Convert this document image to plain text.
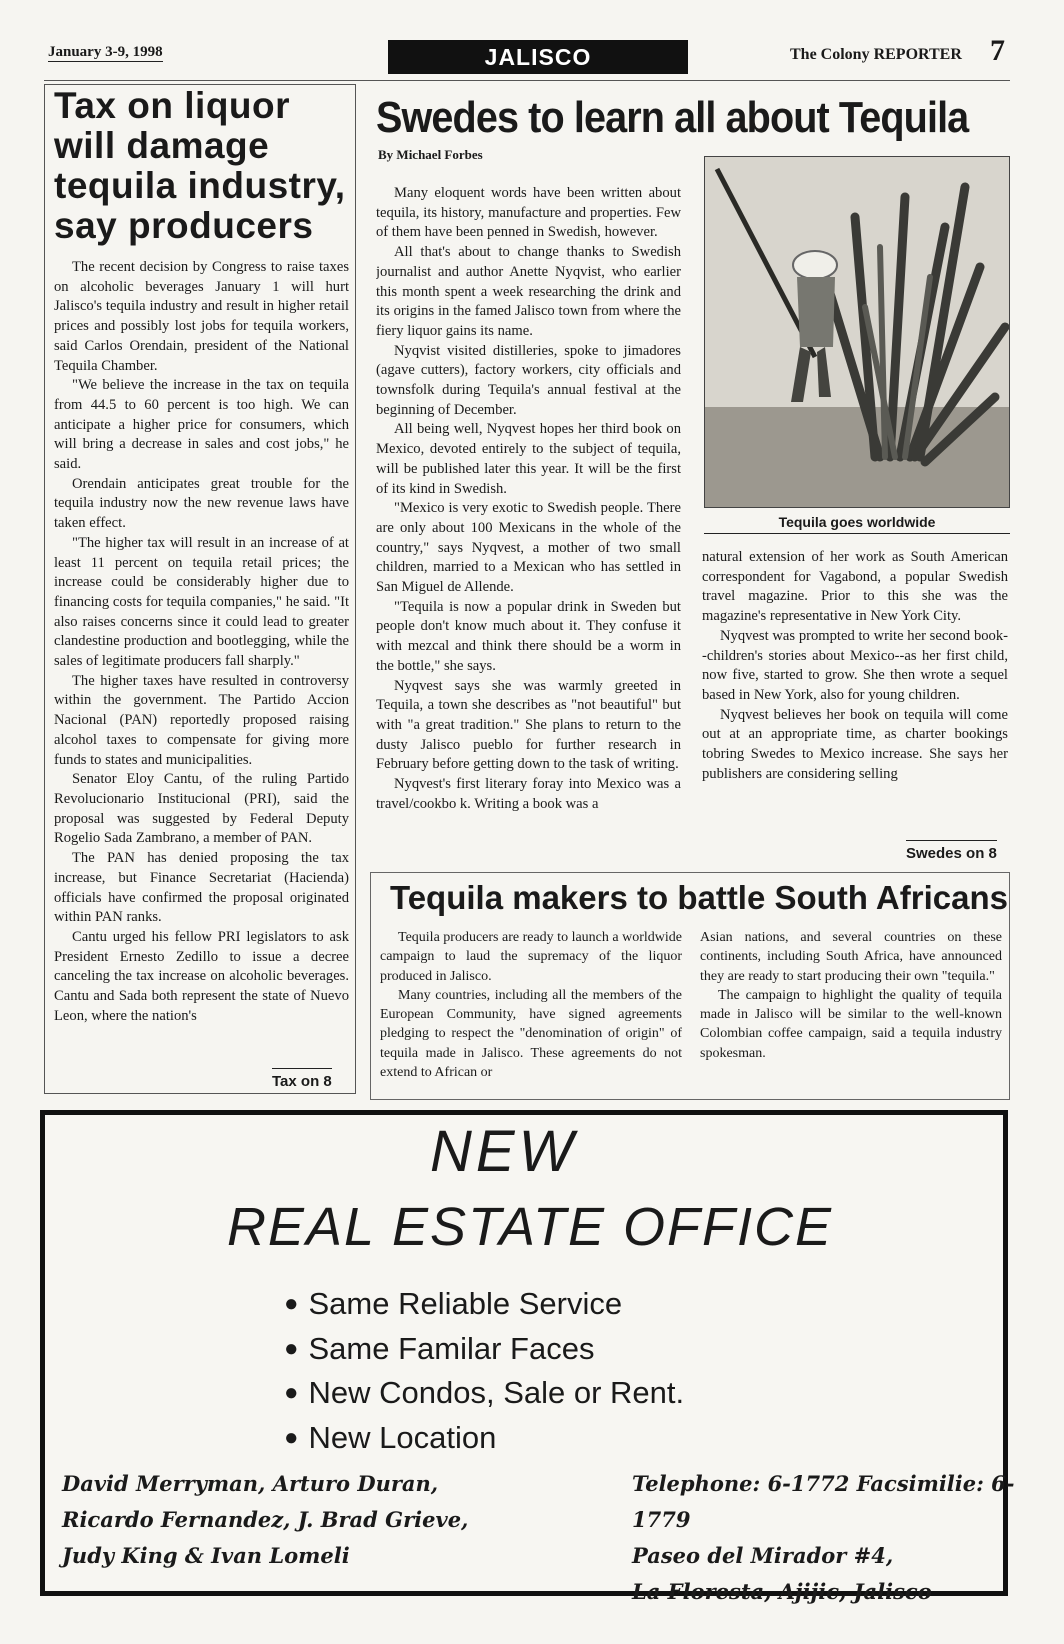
January 3-9, 1998	JALISCO	The Colony REPORTER 7
Tax on liquor will damage tequila industry, say producers

The recent decision by Congress to raise taxes on alcoholic beverages January 1 will hurt Jalisco's tequila industry and result in higher retail prices and possibly lost jobs for tequila workers, said Carlos Orendain, president of the National Tequila Chamber.

"We believe the increase in the tax on tequila from 44.5 to 60 percent is too high. We can anticipate a higher price for consumers, which will bring a decrease in sales and cost jobs," he said.

Orendain anticipates great trouble for the tequila industry now the new revenue laws have taken effect.

"The higher tax will result in an increase of at least 11 percent on tequila retail prices; the increase could be considerably higher due to financing costs for tequila companies," he said. "It also raises concerns since it could lead to greater clandestine production and bootlegging, while the sales of legitimate producers fall sharply."

The higher taxes have resulted in controversy within the government. The Partido Accion Nacional (PAN) reportedly proposed raising alcohol taxes to compensate for giving more funds to states and municipalities.

Senator Eloy Cantu, of the ruling Partido Revolucionario Institucional (PRI), said the proposal was suggested by Federal Deputy Rogelio Sada Zambrano, a member of PAN.

The PAN has denied proposing the tax increase, but Finance Secretariat (Hacienda) officials have confirmed the proposal originated within PAN ranks.

Cantu urged his fellow PRI legislators to ask President Ernesto Zedillo to issue a decree canceling the tax increase on alcoholic beverages. Cantu and Sada both represent the state of Nuevo Leon, where the nation's

Tax on 8
Swedes to learn all about Tequila
By Michael Forbes

Many eloquent words have been written about tequila, its history, manufacture and properties. Few of them have been penned in Swedish, however.

All that's about to change thanks to Swedish journalist and author Anette Nyqvist, who earlier this month spent a week researching the drink and its origins in the famed Jalisco town from where the fiery liquor gains its name.

Nyqvist visited distilleries, spoke to jimadores (agave cutters), factory workers, city officials and townsfolk during Tequila's annual festival at the beginning of December.

All being well, Nyqvest hopes her third book on Mexico, devoted entirely to the subject of tequila, will be published later this year. It will be the first of its kind in Swedish.

"Mexico is very exotic to Swedish people. There are only about 100 Mexicans in the whole of the country," says Nyqvest, a mother of two small children, married to a Mexican who has settled in San Miguel de Allende.

"Tequila is now a popular drink in Sweden but people don't know much about it. They confuse it with mezcal and think there should be a worm in the bottle," she says.

Nyqvest says she was warmly greeted in Tequila, a town she describes as "not beautiful" but with "a great tradition." She plans to return to the dusty Jalisco pueblo for further research in February before getting down to the task of writing.

Nyqvest's first literary foray into Mexico was a travel/cookbo k. Writing a book was a

Tequila goes worldwide

natural extension of her work as South American correspondent for Vagabond, a popular Swedish travel magazine. Prior to this she was the magazine's representative in New York City.

Nyqvest was prompted to write her second book--children's stories about Mexico--as her first child, now five, started to grow. She then wrote a sequel based in New York, also for young children.

Nyqvest believes her book on tequila will come out at an appropriate time, as charter bookings tobring Swedes to Mexico increase. She says her publishers are considering selling

Swedes on 8
Tequila makers to battle South Africans

Tequila producers are ready to launch a worldwide campaign to laud the supremacy of the liquor produced in Jalisco.

Many countries, including all the members of the European Community, have signed agreements pledging to respect the "denomination of origin" of tequila made in Jalisco. These agreements do not extend to African or

Asian nations, and several countries on these continents, including South Africa, have announced they are ready to start producing their own "tequila."

The campaign to highlight the quality of tequila made in Jalisco will be similar to the well-known Colombian coffee campaign, said a tequila industry spokesman.

NEW
REAL ESTATE OFFICE
● Same Reliable Service
● Same Familar Faces
● New Condos, Sale or Rent.
● New Location
David Merryman, Arturo Duran,
Ricardo Fernandez, J. Brad Grieve,
Judy King & Ivan Lomeli
Telephone: 6-1772 Facsimilie: 6-1779
Paseo del Mirador #4,
La Floresta, Ajijic, Jalisco
